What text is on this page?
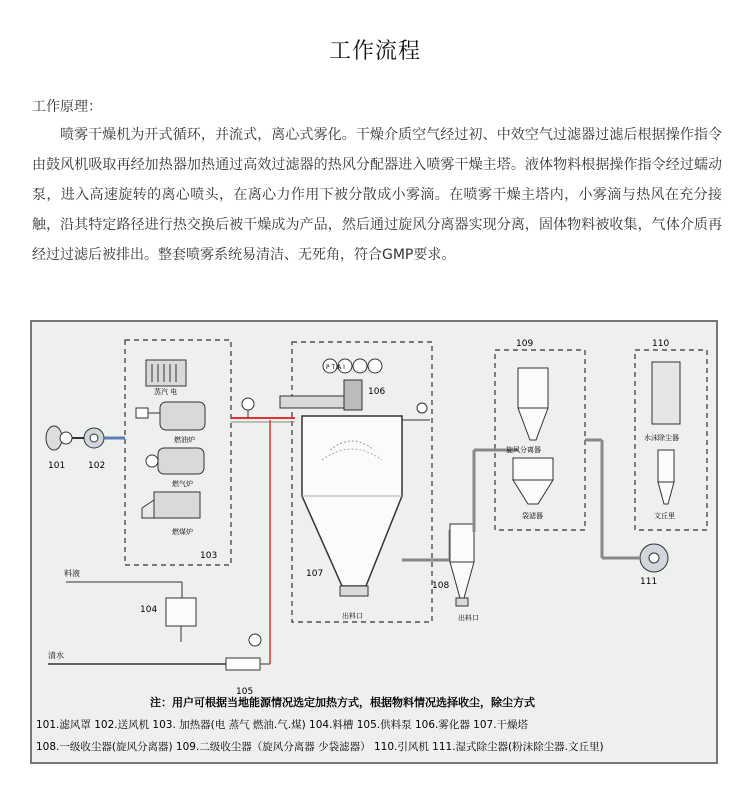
工作流程
工作原理：
喷雾干燥机为开式循环，并流式，离心式雾化。干燥介质空气经过初、中效空气过滤器过滤后根据操作指令由鼓风机吸取再经加热器加热通过高效过滤器的热风分配器进入喷雾干燥主塔。液体物料根据操作指令经过蠕动泵，进入高速旋转的离心喷头，在离心力作用下被分散成小雾滴。在喷雾干燥主塔内，小雾滴与热风在充分接触，沿其特定路径进行热交换后被干燥成为产品，然后通过旋风分离器实现分离，固体物料被收集，气体介质再经过过滤后被排出。整套喷雾系统易清洁、无死角，符合GMP要求。
蒸汽 电
燃油炉
燃气炉
燃煤炉
料液
清水
旋风分离器
袋滤器
水沫除尘器
文丘里
出料口	出料口
P T A I
101	102
103
104
105
106
107
108
109	110
111
注：用户可根据当地能源情况选定加热方式，根据物料情况选择收尘，除尘方式
101.滤风罩 102.送风机 103. 加热器(电 蒸气 燃油.气.煤) 104.料槽 105.供料泵 106.雾化器 107.干燥塔
108.一级收尘器(旋风分离器) 109.二级收尘器（旋风分离器 少袋滤器） 110.引风机 111.湿式除尘器(粉沫除尘器.文丘里)
